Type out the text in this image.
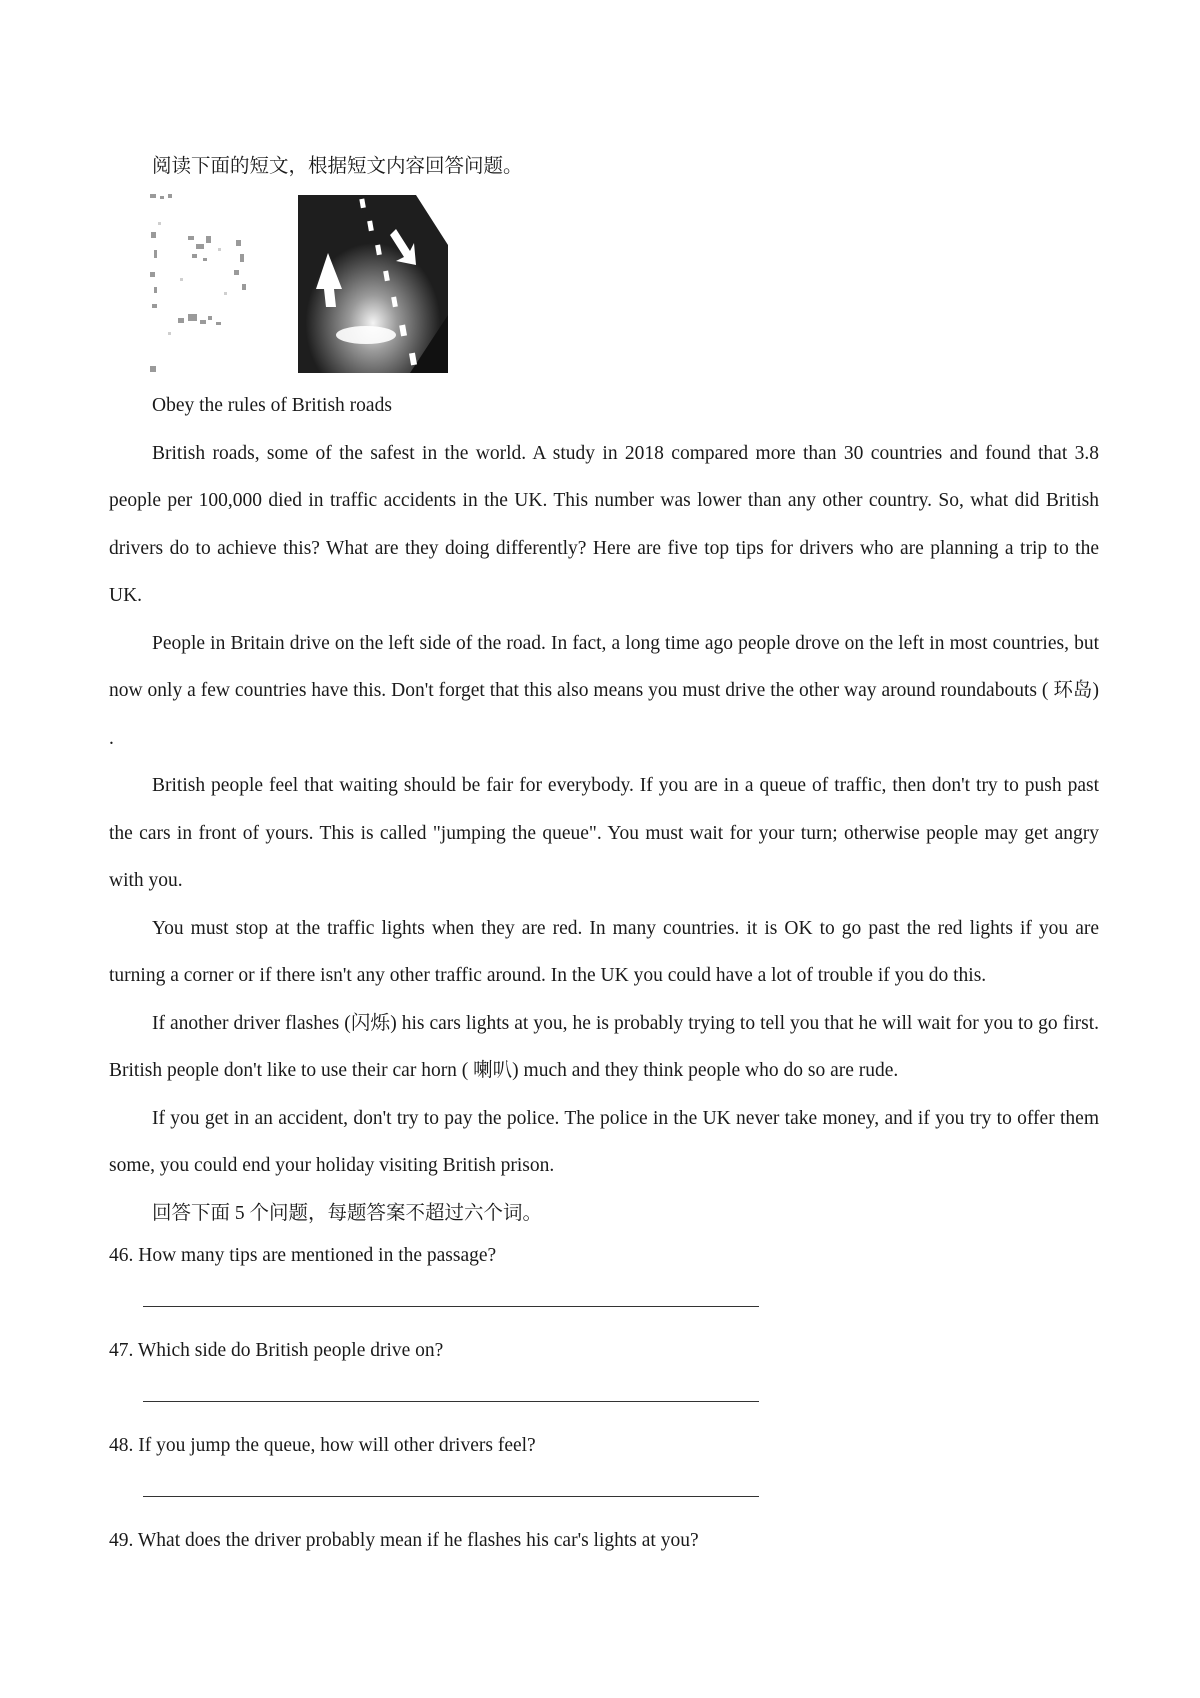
阅读下面的短文，根据短文内容回答问题。

Obey the rules of British roads

British roads, some of the safest in the world. A study in 2018 compared more than 30 countries and found that 3.8 people per 100,000 died in traffic accidents in the UK. This number was lower than any other country. So, what did British drivers do to achieve this? What are they doing differently? Here are five top tips for drivers who are planning a trip to the UK.

People in Britain drive on the left side of the road. In fact, a long time ago people drove on the left in most countries, but now only a few countries have this. Don't forget that this also means you must drive the other way around roundabouts ( 环岛) .

British people feel that waiting should be fair for everybody. If you are in a queue of traffic, then don't try to push past the cars in front of yours. This is called "jumping the queue". You must wait for your turn; otherwise people may get angry with you.

You must stop at the traffic lights when they are red. In many countries. it is OK to go past the red lights if you are turning a corner or if there isn't any other traffic around. In the UK you could have a lot of trouble if you do this.

If another driver flashes (闪烁) his cars lights at you, he is probably trying to tell you that he will wait for you to go first. British people don't like to use their car horn ( 喇叭) much and they think people who do so are rude.

If you get in an accident, don't try to pay the police. The police in the UK never take money, and if you try to offer them some, you could end your holiday visiting British prison.

回答下面 5 个问题，每题答案不超过六个词。

46. How many tips are mentioned in the passage?

47. Which side do British people drive on?

48. If you jump the queue, how will other drivers feel?

49. What does the driver probably mean if he flashes his car's lights at you?
